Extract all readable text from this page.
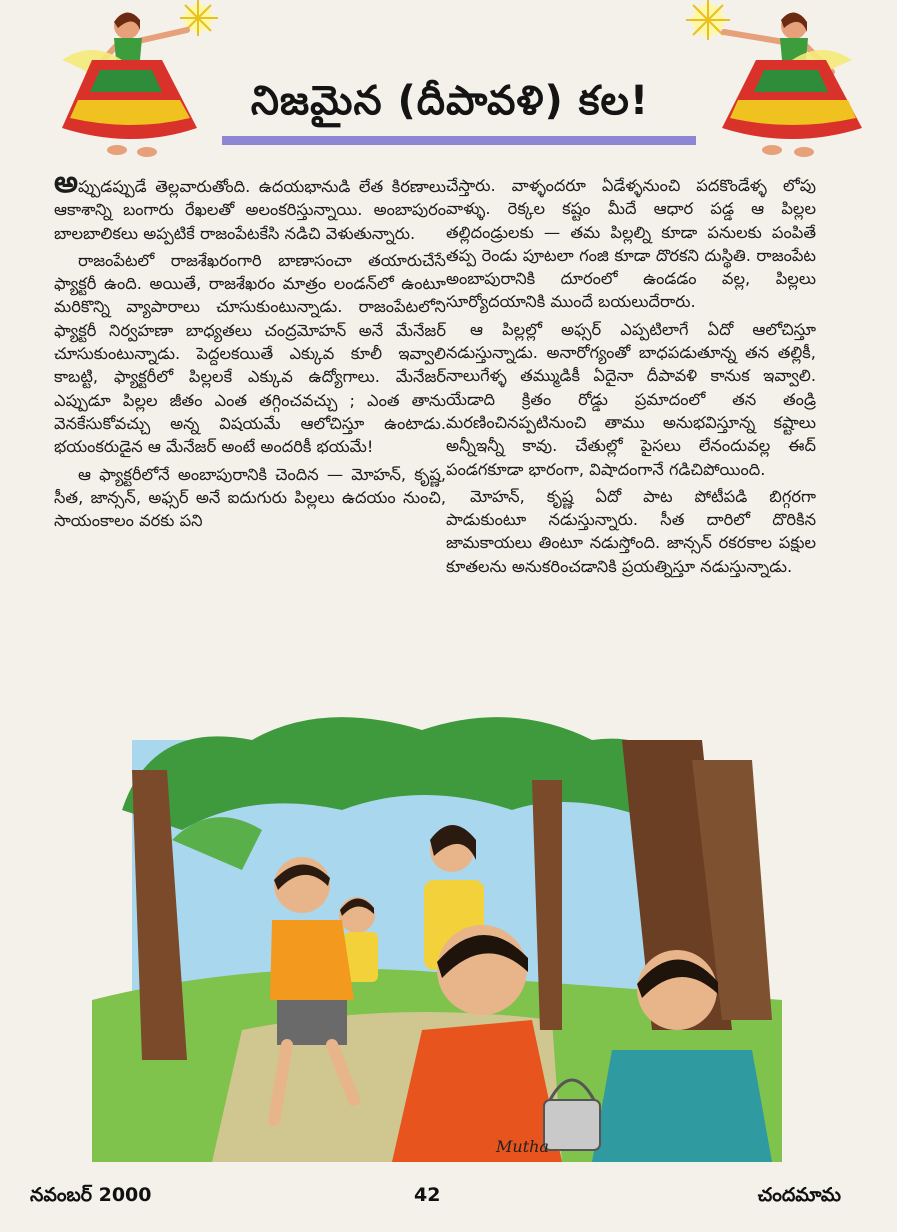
నిజమైన (దీపావళి) కల!

అప్పుడప్పుడే తెల్లవారుతోంది. ఉదయభానుడి లేత కిరణాలు ఆకాశాన్ని బంగారు రేఖలతో అలంకరిస్తున్నాయి. అంబాపురం బాలబాలికలు అప్పటికే రాజంపేటకేసి నడిచి వెళుతున్నారు.

రాజంపేటలో రాజశేఖరంగారి బాణాసంచా తయారుచేసే ఫ్యాక్టరీ ఉంది. అయితే, రాజశేఖరం మాత్రం లండన్‌లో ఉంటూ మరికొన్ని వ్యాపారాలు చూసుకుంటున్నాడు. రాజంపేటలోని ఫ్యాక్టరీ నిర్వహణా బాధ్యతలు చంద్రమోహన్ అనే మేనేజర్ చూసుకుంటున్నాడు. పెద్దలకయితే ఎక్కువ కూలీ ఇవ్వాలి కాబట్టి, ఫ్యాక్టరీలో పిల్లలకే ఎక్కువ ఉద్యోగాలు. మేనేజర్ ఎప్పుడూ పిల్లల జీతం ఎంత తగ్గించవచ్చు ; ఎంత తాను వెనకేసుకోవచ్చు అన్న విషయమే ఆలోచిస్తూ ఉంటాడు. భయంకరుడైన ఆ మేనేజర్ అంటే అందరికీ భయమే!

ఆ ఫ్యాక్టరీలోనే అంబాపురానికి చెందిన — మోహన్, కృష్ణ, సీత, జాన్సన్, అఫ్సర్ అనే ఐదుగురు పిల్లలు ఉదయం నుంచి, సాయంకాలం వరకు పని

చేస్తారు. వాళ్ళందరూ ఏడేళ్ళనుంచి పదకొండేళ్ళ లోపు వాళ్ళు. రెక్కల కష్టం మీదే ఆధార పడ్డ ఆ పిల్లల తల్లిదండ్రులకు — తమ పిల్లల్ని కూడా పనులకు పంపితే తప్ప రెండు పూటలా గంజి కూడా దొరకని దుస్థితి. రాజంపేట అంబాపురానికి దూరంలో ఉండడం వల్ల, పిల్లలు సూర్యోదయానికి ముందే బయలుదేరారు.

ఆ పిల్లల్లో అఫ్సర్ ఎప్పటిలాగే ఏదో ఆలోచిస్తూ నడుస్తున్నాడు. అనారోగ్యంతో బాధపడుతూన్న తన తల్లికీ, నాలుగేళ్ళ తమ్ముడికీ ఏదైనా దీపావళి కానుక ఇవ్వాలి. యేడాది క్రితం రోడ్డు ప్రమాదంలో తన తండ్రి మరణించినప్పటినుంచి తాము అనుభవిస్తూన్న కష్టాలు అన్నీఇన్నీ కావు. చేతుల్లో పైసలు లేనందువల్ల ఈద్ పండగకూడా భారంగా, విషాదంగానే గడిచిపోయింది.

మోహన్, కృష్ణ ఏదో పాట పోటీపడి బిగ్గరగా పాడుకుంటూ నడుస్తున్నారు. సీత దారిలో దొరికిన జామకాయలు తింటూ నడుస్తోంది. జాన్సన్ రకరకాల పక్షుల కూతలను అనుకరించడానికి ప్రయత్నిస్తూ నడుస్తున్నాడు.

Mutha
నవంబర్ 2000	42	చందమామ
